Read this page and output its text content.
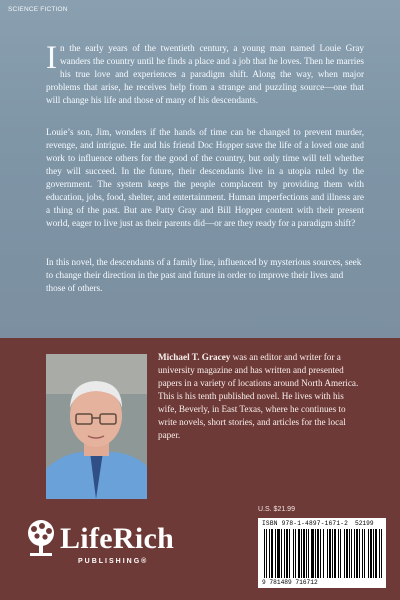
SCIENCE FICTION

In the early years of the twentieth century, a young man named Louie Gray wanders the country until he finds a place and a job that he loves. Then he marries his true love and experiences a paradigm shift. Along the way, when major problems that arise, he receives help from a strange and puzzling source—one that will change his life and those of many of his descendants.

Louie’s son, Jim, wonders if the hands of time can be changed to prevent murder, revenge, and intrigue. He and his friend Doc Hopper save the life of a loved one and work to influence others for the good of the country, but only time will tell whether they will succeed. In the future, their descendants live in a utopia ruled by the government. The system keeps the people complacent by providing them with education, jobs, food, shelter, and entertainment. Human imperfections and illness are a thing of the past. But are Patty Gray and Bill Hopper content with their present world, eager to live just as their parents did—or are they ready for a paradigm shift?

In this novel, the descendants of a family line, influenced by mysterious sources, seek to change their direction in the past and future in order to improve their lives and those of others.

Michael T. Gracey was an editor and writer for a university magazine and has written and presented papers in a variety of locations around North America. This is his tenth published novel. He lives with his wife, Beverly, in East Texas, where he continues to write novels, short stories, and articles for the local paper.

LifeRich
PUBLISHING®
U.S. $21.99
ISBN 978-1-4897-1671-2 52199
9 781489 716712
